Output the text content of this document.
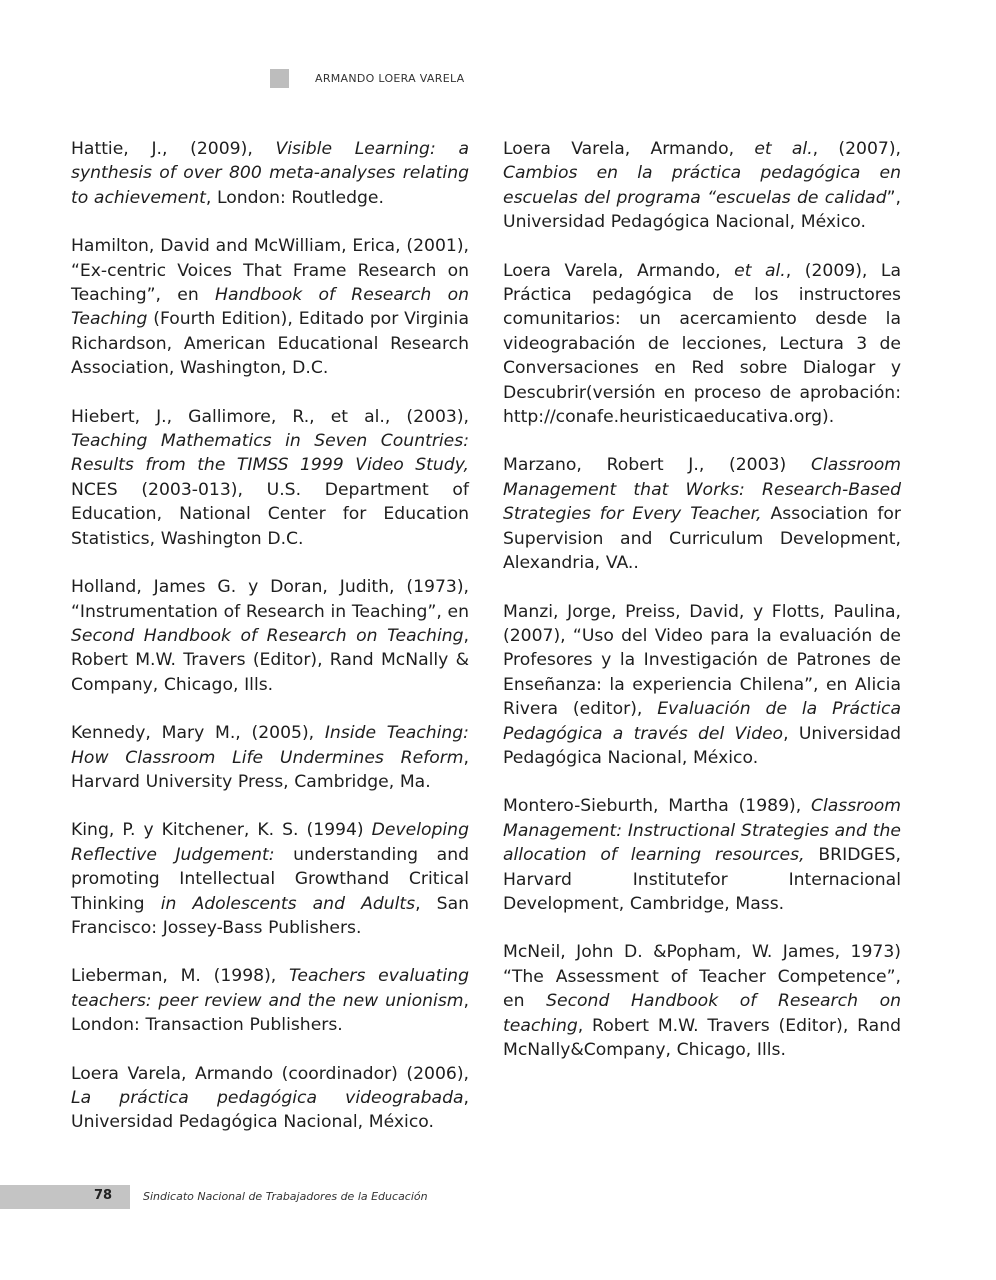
ARMANDO LOERA VARELA

Hattie, J., (2009), Visible Learning: a synthesis of over 800 meta-analyses relating to achievement, London: Routledge.

Hamilton, David and McWilliam, Erica, (2001), “Ex-centric Voices That Frame Research on Teaching”, en Handbook of Research on Teaching (Fourth Edition), Editado por Virginia Richardson, American Educational Research Association, Washington, D.C.

Hiebert, J., Gallimore, R., et al., (2003), Teaching Mathematics in Seven Countries: Results from the TIMSS 1999 Video Study, NCES (2003-013), U.S. Department of Education, National Center for Education Statistics, Washington D.C.

Holland, James G. y Doran, Judith, (1973), “Instrumentation of Research in Teaching”, en Second Handbook of Research on Teaching, Robert M.W. Travers (Editor), Rand McNally & Company, Chicago, Ills.

Kennedy, Mary M., (2005), Inside Teaching: How Classroom Life Undermines Reform, Harvard University Press, Cambridge, Ma.

King, P. y Kitchener, K. S. (1994) Developing Reflective Judgement: understanding and promoting Intellectual Growthand Critical Thinking in Adolescents and Adults, San Francisco: Jossey-Bass Publishers.

Lieberman, M. (1998), Teachers evaluating teachers: peer review and the new unionism, London: Transaction Publishers.

Loera Varela, Armando (coordinador) (2006), La práctica pedagógica videograbada, Universidad Pedagógica Nacional, México.

Loera Varela, Armando, et al., (2007), Cambios en la práctica pedagógica en escuelas del programa “escuelas de calidad”, Universidad Pedagógica Nacional, México.

Loera Varela, Armando, et al., (2009), La Práctica pedagógica de los instructores comunitarios: un acercamiento desde la videograbación de lecciones, Lectura 3 de Conversaciones en Red sobre Dialogar y Descubrir(versión en proceso de aprobación: http://conafe.heuristicaeducativa.org).

Marzano, Robert J., (2003) Classroom Management that Works: Research-Based Strategies for Every Teacher, Association for Supervision and Curriculum Development, Alexandria, VA..

Manzi, Jorge, Preiss, David, y Flotts, Paulina, (2007), “Uso del Video para la evaluación de Profesores y la Investigación de Patrones de Enseñanza: la experiencia Chilena”, en Alicia Rivera (editor), Evaluación de la Práctica Pedagógica a través del Video, Universidad Pedagógica Nacional, México.

Montero-Sieburth, Martha (1989), Classroom Management: Instructional Strategies and the allocation of learning resources, BRIDGES, Harvard Institutefor Internacional Development, Cambridge, Mass.

McNeil, John D. &Popham, W. James, 1973) “The Assessment of Teacher Competence”, en Second Handbook of Research on teaching, Robert M.W. Travers (Editor), Rand McNally&Company, Chicago, Ills.

78	Sindicato Nacional de Trabajadores de la Educación
